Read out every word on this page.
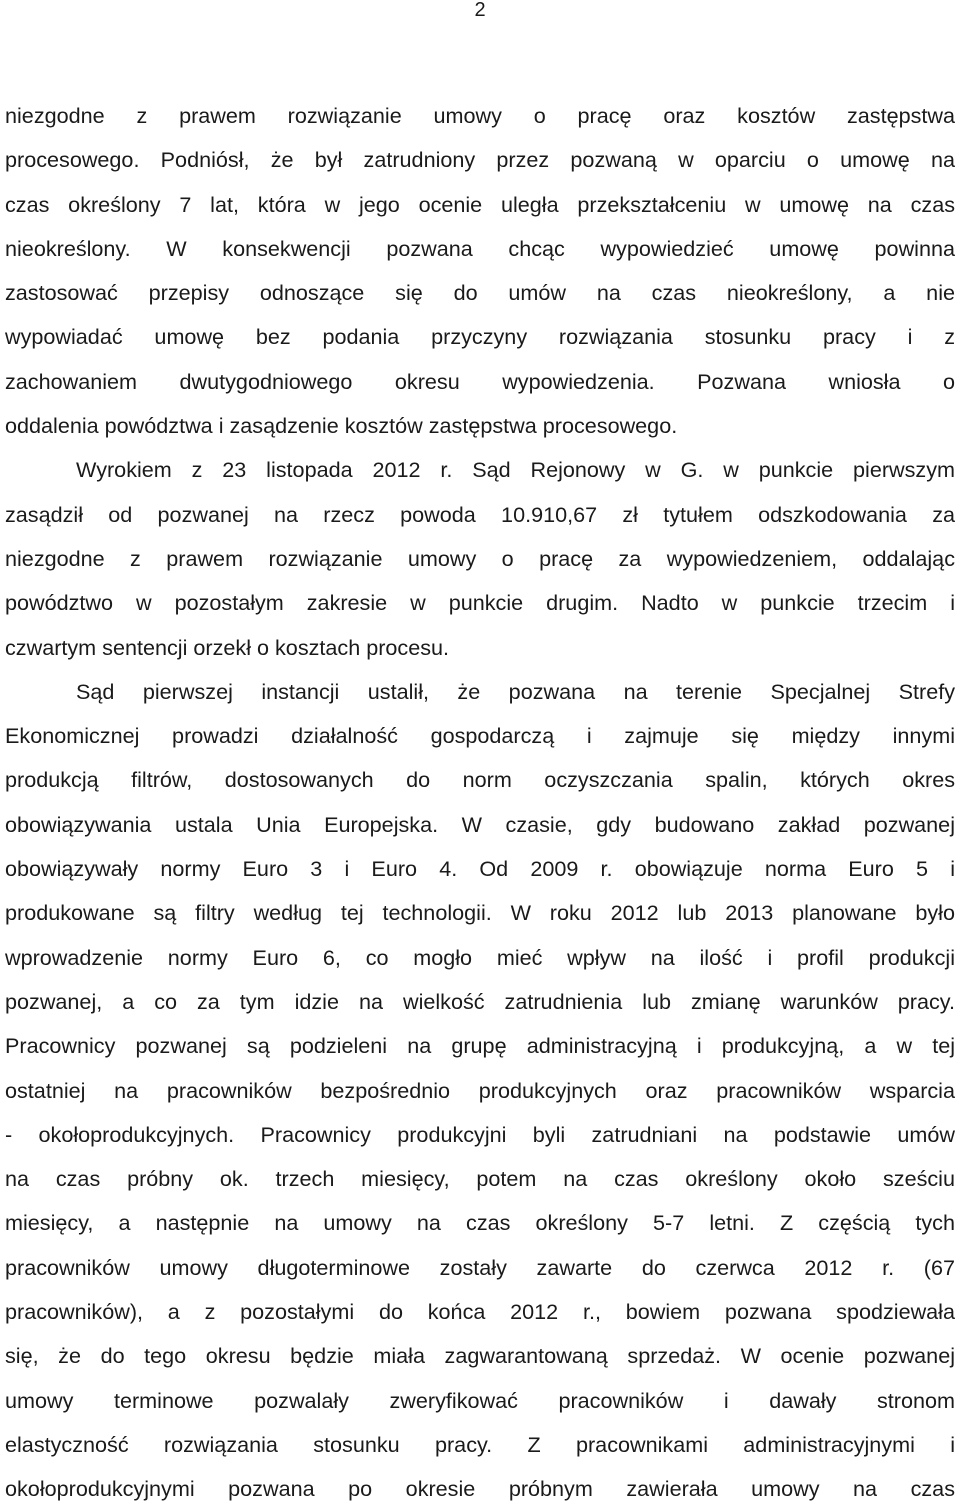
2
niezgodne z prawem rozwiązanie umowy o pracę oraz kosztów zastępstwa
procesowego. Podniósł, że był zatrudniony przez pozwaną w oparciu o umowę na
czas określony 7 lat, która w jego ocenie uległa przekształceniu w umowę na czas
nieokreślony. W konsekwencji pozwana chcąc wypowiedzieć umowę powinna
zastosować przepisy odnoszące się do umów na czas nieokreślony, a nie
wypowiadać umowę bez podania przyczyny rozwiązania stosunku pracy i z
zachowaniem dwutygodniowego okresu wypowiedzenia. Pozwana wniosła o
oddalenia powództwa i zasądzenie kosztów zastępstwa procesowego.
Wyrokiem z 23 listopada 2012 r. Sąd Rejonowy w G. w punkcie pierwszym
zasądził od pozwanej na rzecz powoda 10.910,67 zł tytułem odszkodowania za
niezgodne z prawem rozwiązanie umowy o pracę za wypowiedzeniem, oddalając
powództwo w pozostałym zakresie w punkcie drugim. Nadto w punkcie trzecim i
czwartym sentencji orzekł o kosztach procesu.
Sąd pierwszej instancji ustalił, że pozwana na terenie Specjalnej Strefy
Ekonomicznej prowadzi działalność gospodarczą i zajmuje się między innymi
produkcją filtrów, dostosowanych do norm oczyszczania spalin, których okres
obowiązywania ustala Unia Europejska. W czasie, gdy budowano zakład pozwanej
obowiązywały normy Euro 3 i Euro 4. Od 2009 r. obowiązuje norma Euro 5 i
produkowane są filtry według tej technologii. W roku 2012 lub 2013 planowane było
wprowadzenie normy Euro 6, co mogło mieć wpływ na ilość i profil produkcji
pozwanej, a co za tym idzie na wielkość zatrudnienia lub zmianę warunków pracy.
Pracownicy pozwanej są podzieleni na grupę administracyjną i produkcyjną, a w tej
ostatniej na pracowników bezpośrednio produkcyjnych oraz pracowników wsparcia
- okołoprodukcyjnych. Pracownicy produkcyjni byli zatrudniani na podstawie umów
na czas próbny ok. trzech miesięcy, potem na czas określony około sześciu
miesięcy, a następnie na umowy na czas określony 5-7 letni. Z częścią tych
pracowników umowy długoterminowe zostały zawarte do czerwca 2012 r. (67
pracowników), a z pozostałymi do końca 2012 r., bowiem pozwana spodziewała
się, że do tego okresu będzie miała zagwarantowaną sprzedaż. W ocenie pozwanej
umowy terminowe pozwalały zweryfikować pracowników i dawały stronom
elastyczność rozwiązania stosunku pracy. Z pracownikami administracyjnymi i
okołoprodukcyjnymi pozwana po okresie próbnym zawierała umowy na czas
